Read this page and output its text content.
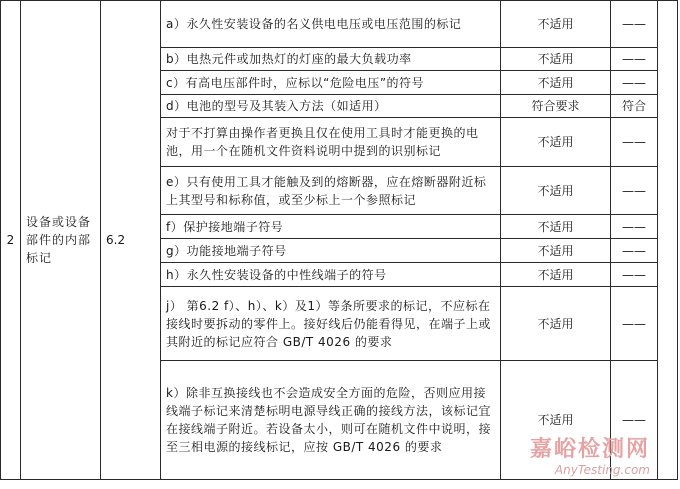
2	设备或设备部件的内部标记	6.2	a）永久性安装设备的名义供电电压或电压范围的标记	不适用	——	
			b）电热元件或加热灯的灯座的最大负载功率	不适用	——	
			c）有高电压部件时，应标以“危险电压”的符号	不适用	——	
			d）电池的型号及其装入方法（如适用）	符合要求	符合	
			对于不打算由操作者更换且仅在使用工具时才能更换的电池，用一个在随机文件资料说明中提到的识别标记	不适用	——	
			e）只有使用工具才能触及到的熔断器，应在熔断器附近标上其型号和标称值，或至少标上一个参照标记	不适用	——	
			f）保护接地端子符号	不适用	——	
			g）功能接地端子符号	不适用	——	
			h）永久性安装设备的中性线端子的符号	不适用	——	
			j） 第6.2 f）、h）、k）及1）等条所要求的标记，不应标在接线时要拆动的零件上。接好线后仍能看得见，在端子上或其附近的标记应符合 GB/T 4026 的要求	不适用	——	
			k）除非互换接线也不会造成安全方面的危险，否则应用接线端子标记来清楚标明电源导线正确的接线方法，该标记宜在接线端子附近。若设备太小，则可在随机文件中说明，接至三相电源的接线标记，应按 GB/T 4026 的要求	不适用	——	
嘉峪检测网
AnyTesting.com
